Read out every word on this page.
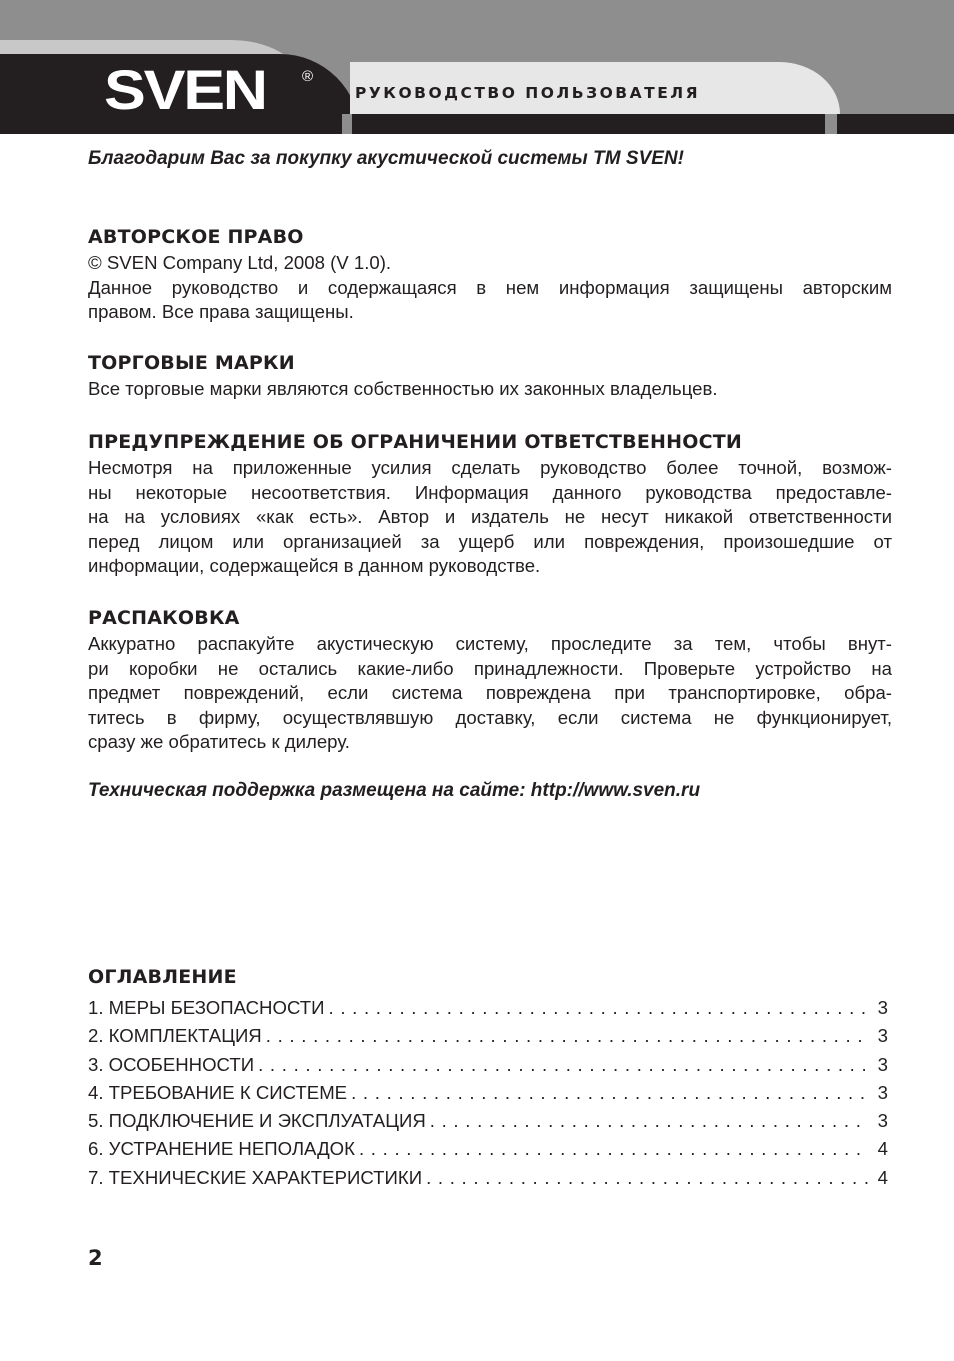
SVEN ®
РУКОВОДСТВО ПОЛЬЗОВАТЕЛЯ
Благодарим Вас за покупку акустической системы ТМ SVEN!
АВТОРСКОЕ ПРАВО
© SVEN Company Ltd, 2008 (V 1.0).
Данное руководство и содержащаяся в нем информация защищены авторским
правом. Все права защищены.
ТОРГОВЫЕ МАРКИ
Все торговые марки являются собственностью их законных владельцев.
ПРЕДУПРЕЖДЕНИЕ ОБ ОГРАНИЧЕНИИ ОТВЕТСТВЕННОСТИ
Несмотря на приложенные усилия сделать руководство более точной, возмож-
ны некоторые несоответствия. Информация данного руководства предоставле-
на на условиях «как есть». Автор и издатель не несут никакой ответственности
перед лицом или организацией за ущерб или повреждения, произошедшие от
информации, содержащейся в данном руководстве.
РАСПАКОВКА
Аккуратно распакуйте акустическую систему, проследите за тем, чтобы внут-
ри коробки не остались какие-либо принадлежности. Проверьте устройство на
предмет повреждений, если система повреждена при транспортировке, обра-
титесь в фирму, осуществлявшую доставку, если система не функционирует,
сразу же обратитесь к дилеру.
Техническая поддержка размещена на сайте: http://www.sven.ru
ОГЛАВЛЕНИЕ
1. МЕРЫ БЕЗОПАСНОСТИ . . .	3
2. КОМПЛЕКТАЦИЯ . . .	3
3. ОСОБЕННОСТИ . . .	3
4. ТРЕБОВАНИЕ К СИСТЕМЕ . . .	3
5. ПОДКЛЮЧЕНИЕ И ЭКСПЛУАТАЦИЯ . . .	3
6. УСТРАНЕНИЕ НЕПОЛАДОК . . .	4
7. ТЕХНИЧЕСКИЕ ХАРАКТЕРИСТИКИ . . .	4
2
